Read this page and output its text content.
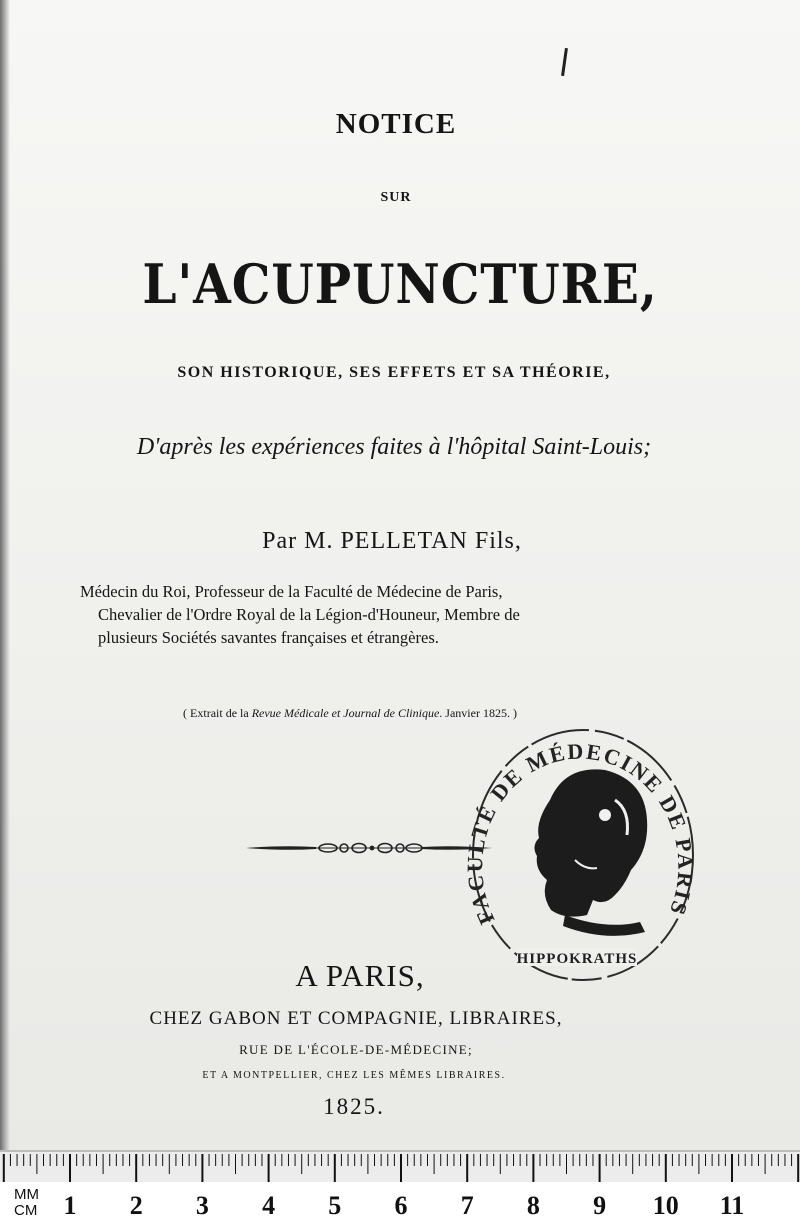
NOTICE
SUR
L'ACUPUNCTURE,
SON HISTORIQUE, SES EFFETS ET SA THÉORIE,
D'après les expériences faites à l'hôpital Saint-Louis;
Par M. PELLETAN Fils,
Médecin du Roi, Professeur de la Faculté de Médecine de Paris,
Chevalier de l'Ordre Royal de la Légion-d'Houneur, Membre de
plusieurs Sociétés savantes françaises et étrangères.
( Extrait de la Revue Médicale et Journal de Clinique. Janvier 1825. )
A PARIS,
CHEZ GABON ET COMPAGNIE, LIBRAIRES,
RUE DE L'ÉCOLE-DE-MÉDECINE;
ET A MONTPELLIER, CHEZ LES MÊMES LIBRAIRES.
1825.
FACULTÉ DE MÉDECINE DE PARIS
HIPPOKRATHS
MM
CM 1 2 3 4 5 6 7 8 9 10 11
